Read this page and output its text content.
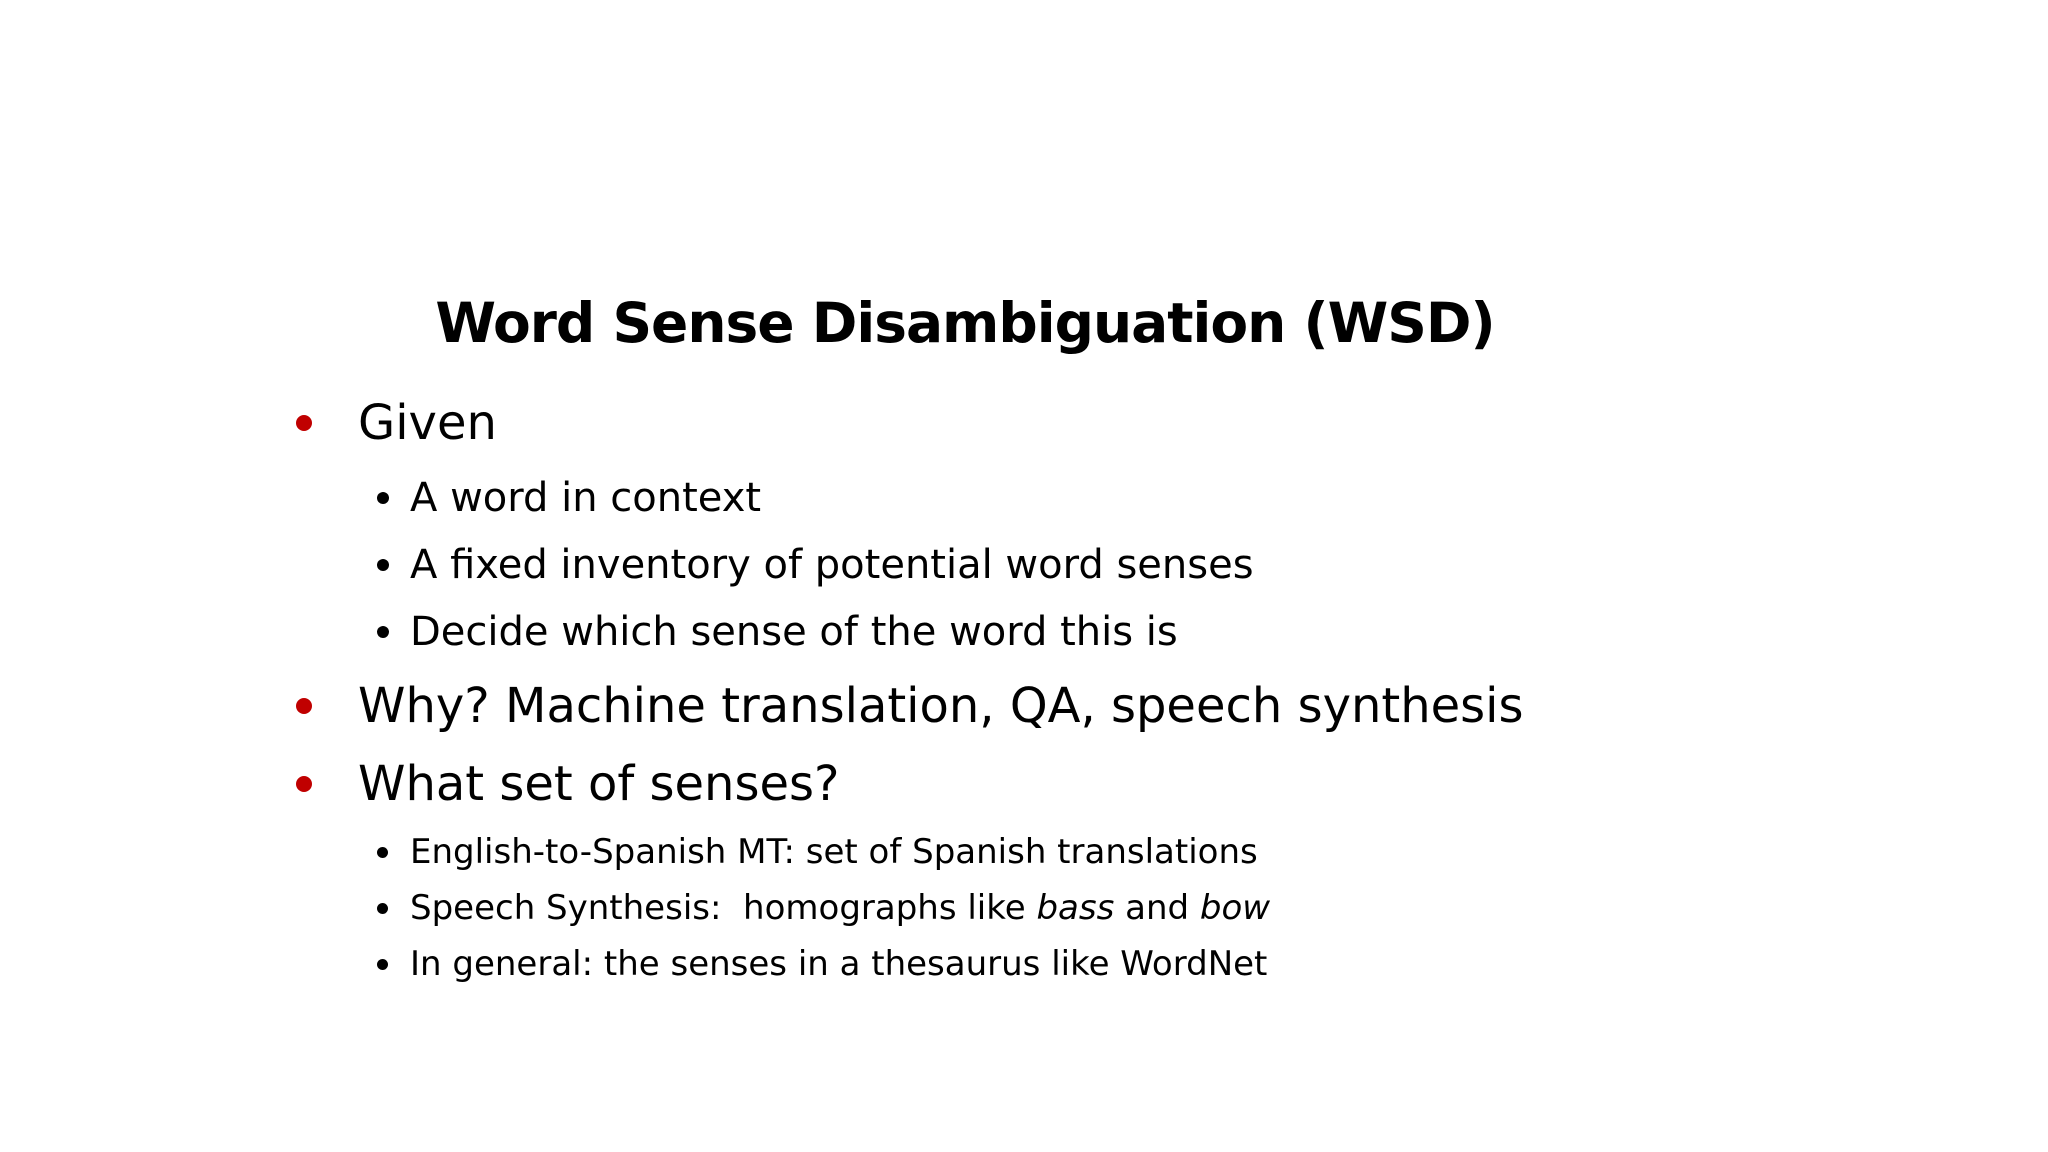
Word Sense Disambiguation (WSD)
Given
A word in context
A fixed inventory of potential word senses
Decide which sense of the word this is
Why? Machine translation, QA, speech synthesis
What set of senses?
English-to-Spanish MT: set of Spanish translations
Speech Synthesis:  homographs like bass and bow
In general: the senses in a thesaurus like WordNet
